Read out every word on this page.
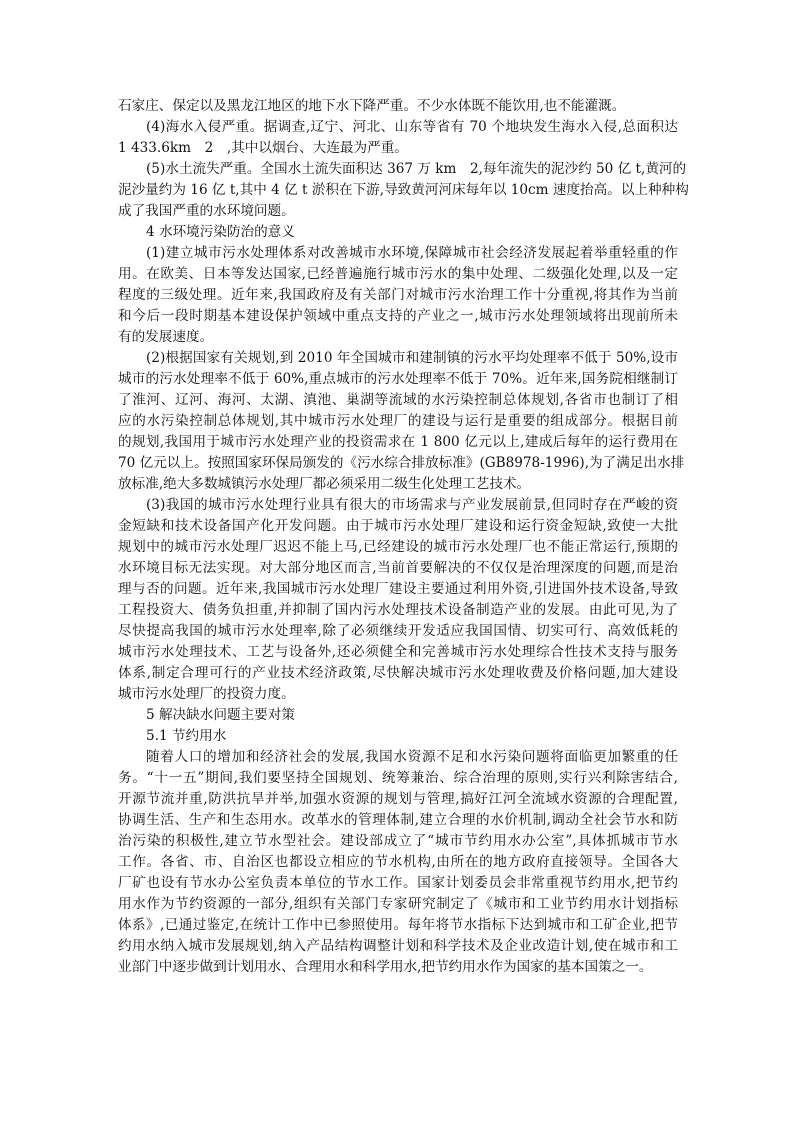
石家庄、保定以及黑龙江地区的地下水下降严重。不少水体既不能饮用,也不能灌溉。
(4)海水入侵严重。据调查,辽宁、河北、山东等省有 70 个地块发生海水入侵,总面积达
1 433.6km　2　,其中以烟台、大连最为严重。
(5)水土流失严重。全国水土流失面积达 367 万 km　2,每年流失的泥沙约 50 亿 t,黄河的
泥沙量约为 16 亿 t,其中 4 亿 t 淤积在下游,导致黄河河床每年以 10cm 速度抬高。以上种种构
成了我国严重的水环境问题。
4 水环境污染防治的意义
(1)建立城市污水处理体系对改善城市水环境,保障城市社会经济发展起着举重轻重的作
用。在欧美、日本等发达国家,已经普遍施行城市污水的集中处理、二级强化处理,以及一定
程度的三级处理。近年来,我国政府及有关部门对城市污水治理工作十分重视,将其作为当前
和今后一段时期基本建设保护领域中重点支持的产业之一,城市污水处理领域将出现前所未
有的发展速度。
(2)根据国家有关规划,到 2010 年全国城市和建制镇的污水平均处理率不低于 50%,设市
城市的污水处理率不低于 60%,重点城市的污水处理率不低于 70%。近年来,国务院相继制订
了淮河、辽河、海河、太湖、滇池、巢湖等流域的水污染控制总体规划,各省市也制订了相
应的水污染控制总体规划,其中城市污水处理厂的建设与运行是重要的组成部分。根据目前
的规划,我国用于城市污水处理产业的投资需求在 1 800 亿元以上,建成后每年的运行费用在
70 亿元以上。按照国家环保局颁发的《污水综合排放标准》(GB8978-1996),为了满足出水排
放标准,绝大多数城镇污水处理厂都必须采用二级生化处理工艺技术。
(3)我国的城市污水处理行业具有很大的市场需求与产业发展前景,但同时存在严峻的资
金短缺和技术设备国产化开发问题。由于城市污水处理厂建设和运行资金短缺,致使一大批
规划中的城市污水处理厂迟迟不能上马,已经建设的城市污水处理厂也不能正常运行,预期的
水环境目标无法实现。对大部分地区而言,当前首要解决的不仅仅是治理深度的问题,而是治
理与否的问题。近年来,我国城市污水处理厂建设主要通过利用外资,引进国外技术设备,导致
工程投资大、债务负担重,并抑制了国内污水处理技术设备制造产业的发展。由此可见,为了
尽快提高我国的城市污水处理率,除了必须继续开发适应我国国情、切实可行、高效低耗的
城市污水处理技术、工艺与设备外,还必须健全和完善城市污水处理综合性技术支持与服务
体系,制定合理可行的产业技术经济政策,尽快解决城市污水处理收费及价格问题,加大建设
城市污水处理厂的投资力度。
5 解决缺水问题主要对策
5.1 节约用水
随着人口的增加和经济社会的发展,我国水资源不足和水污染问题将面临更加繁重的任
务。“十一五”期间,我们要坚持全国规划、统筹兼治、综合治理的原则,实行兴利除害结合,
开源节流并重,防洪抗旱并举,加强水资源的规划与管理,搞好江河全流域水资源的合理配置,
协调生活、生产和生态用水。改革水的管理体制,建立合理的水价机制,调动全社会节水和防
治污染的积极性,建立节水型社会。建设部成立了“城市节约用水办公室”,具体抓城市节水
工作。各省、市、自治区也都设立相应的节水机构,由所在的地方政府直接领导。全国各大
厂矿也设有节水办公室负责本单位的节水工作。国家计划委员会非常重视节约用水,把节约
用水作为节约资源的一部分,组织有关部门专家研究制定了《城市和工业节约用水计划指标
体系》,已通过鉴定,在统计工作中已参照使用。每年将节水指标下达到城市和工矿企业,把节
约用水纳入城市发展规划,纳入产品结构调整计划和科学技术及企业改造计划,使在城市和工
业部门中逐步做到计划用水、合理用水和科学用水,把节约用水作为国家的基本国策之一。
